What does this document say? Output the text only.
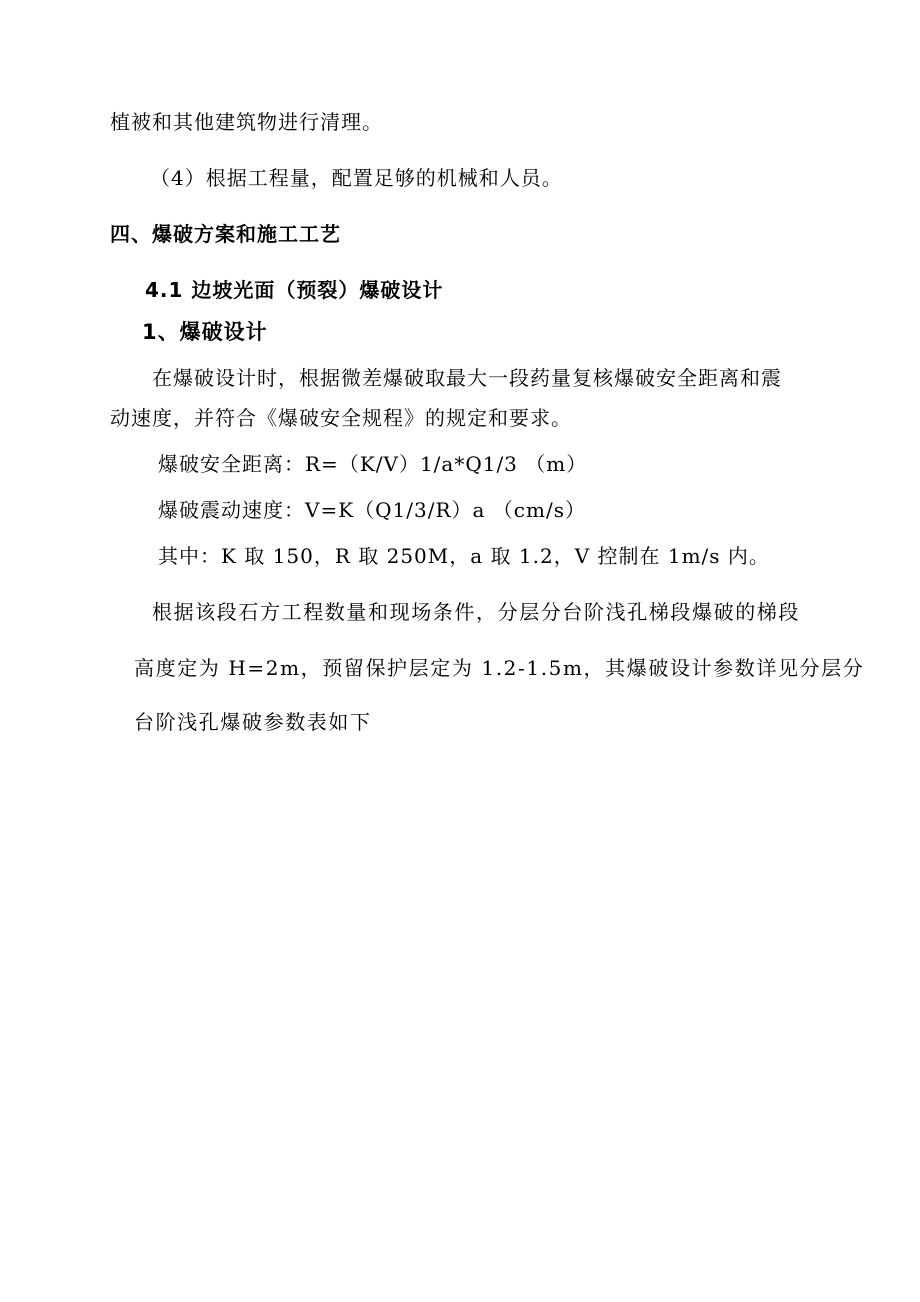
植被和其他建筑物进行清理。
（4）根据工程量，配置足够的机械和人员。
四、爆破方案和施工工艺
4.1 边坡光面（预裂）爆破设计
1、爆破设计
在爆破设计时，根据微差爆破取最大一段药量复核爆破安全距离和震
动速度，并符合《爆破安全规程》的规定和要求。
爆破安全距离：R=（K/V）1/a*Q1/3 （m）
爆破震动速度：V=K（Q1/3/R）a （cm/s）
其中：K 取 150，R 取 250M，a 取 1.2，V 控制在 1m/s 内。
根据该段石方工程数量和现场条件，分层分台阶浅孔梯段爆破的梯段
高度定为 H=2m，预留保护层定为 1.2-1.5m，其爆破设计参数详见分层分
台阶浅孔爆破参数表如下
